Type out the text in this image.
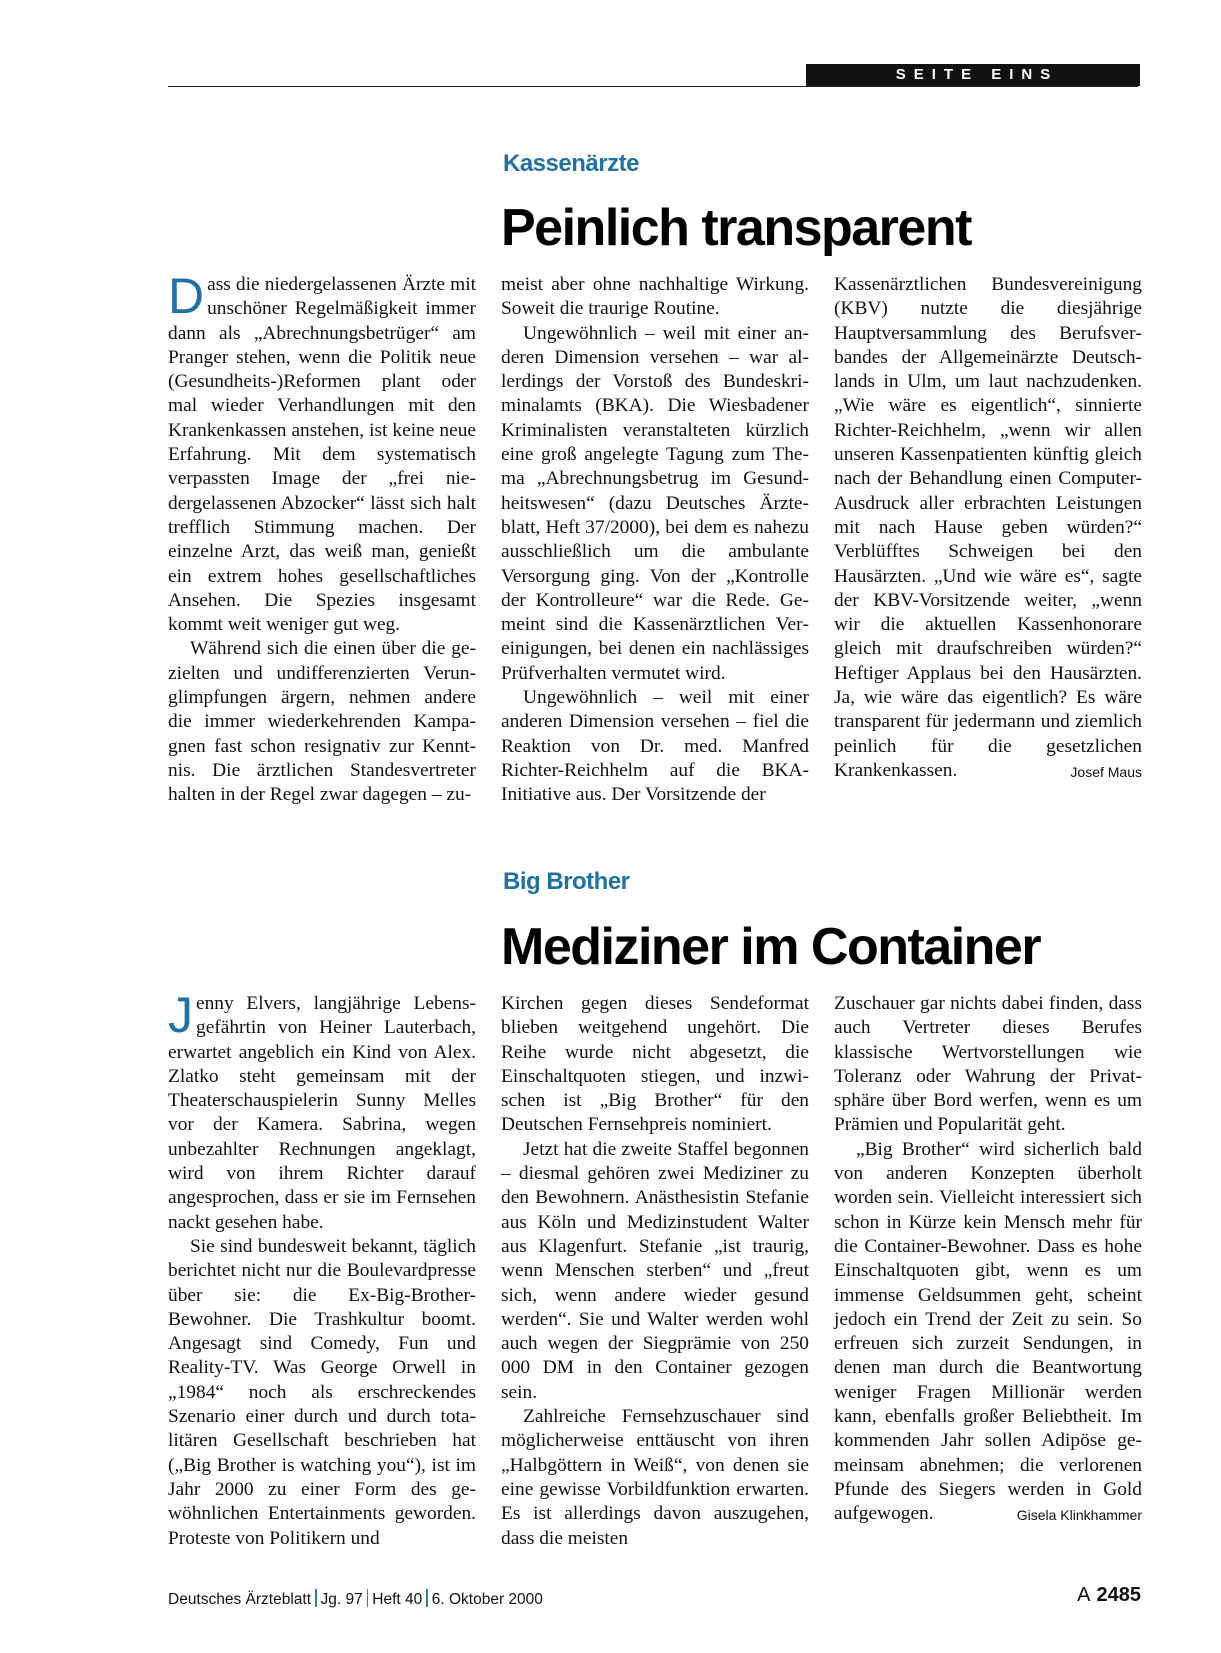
SEITE EINS
Kassenärzte
Peinlich transparent

Dass die niedergelassenen Ärzte mit unschöner Regelmäßigkeit immer dann als „Abrechnungsbetrüger“ am Pranger stehen, wenn die Politik neue (Gesundheits-)Reformen plant oder mal wieder Verhandlungen mit den Krankenkassen anstehen, ist keine neue Erfahrung. Mit dem systematisch verpassten Image der „frei niedergelassenen Abzocker“ lässt sich halt trefflich Stimmung machen. Der einzelne Arzt, das weiß man, genießt ein extrem hohes gesellschaftliches Ansehen. Die Spezies insgesamt kommt weit weniger gut weg.

Während sich die einen über die gezielten und undifferenzierten Verunglimpfungen ärgern, nehmen andere die immer wiederkehrenden Kampagnen fast schon resignativ zur Kenntnis. Die ärztlichen Standesvertreter halten in der Regel zwar dagegen – zu-

meist aber ohne nachhaltige Wirkung. Soweit die traurige Routine.

Ungewöhnlich – weil mit einer anderen Dimension versehen – war allerdings der Vorstoß des Bundeskriminalamts (BKA). Die Wiesbadener Kriminalisten veranstalteten kürzlich eine groß angelegte Tagung zum Thema „Abrechnungsbetrug im Gesundheitswesen“ (dazu Deutsches Ärzteblatt, Heft 37/2000), bei dem es nahezu ausschließlich um die ambulante Versorgung ging. Von der „Kontrolle der Kontrolleure“ war die Rede. Gemeint sind die Kassenärztlichen Vereinigungen, bei denen ein nachlässiges Prüfverhalten vermutet wird.

Ungewöhnlich – weil mit einer anderen Dimension versehen – fiel die Reaktion von Dr. med. Manfred Richter-Reichhelm auf die BKA-Initiative aus. Der Vorsitzende der

Kassenärztlichen Bundesvereinigung (KBV) nutzte die diesjährige Hauptversammlung des Berufsverbandes der Allgemeinärzte Deutschlands in Ulm, um laut nachzudenken. „Wie wäre es eigentlich“, sinnierte Richter-Reichhelm, „wenn wir allen unseren Kassenpatienten künftig gleich nach der Behandlung einen Computer-Ausdruck aller erbrachten Leistungen mit nach Hause geben würden?“ Verblüfftes Schweigen bei den Hausärzten. „Und wie wäre es“, sagte der KBV-Vorsitzende weiter, „wenn wir die aktuellen Kassenhonorare gleich mit draufschreiben würden?“ Heftiger Applaus bei den Hausärzten. Ja, wie wäre das eigentlich? Es wäre transparent für jedermann und ziemlich peinlich für die gesetzlichen Krankenkassen.	Josef Maus

Big Brother
Mediziner im Container

Jenny Elvers, langjährige Lebensgefährtin von Heiner Lauterbach, erwartet angeblich ein Kind von Alex. Zlatko steht gemeinsam mit der Theaterschauspielerin Sunny Melles vor der Kamera. Sabrina, wegen unbezahlter Rechnungen angeklagt, wird von ihrem Richter darauf angesprochen, dass er sie im Fernsehen nackt gesehen habe.

Sie sind bundesweit bekannt, täglich berichtet nicht nur die Boulevardpresse über sie: die Ex-Big-Brother-Bewohner. Die Trashkultur boomt. Angesagt sind Comedy, Fun und Reality-TV. Was George Orwell in „1984“ noch als erschreckendes Szenario einer durch und durch totalitären Gesellschaft beschrieben hat („Big Brother is watching you“), ist im Jahr 2000 zu einer Form des gewöhnlichen Entertainments geworden. Proteste von Politikern und

Kirchen gegen dieses Sendeformat blieben weitgehend ungehört. Die Reihe wurde nicht abgesetzt, die Einschaltquoten stiegen, und inzwischen ist „Big Brother“ für den Deutschen Fernsehpreis nominiert.

Jetzt hat die zweite Staffel begonnen – diesmal gehören zwei Mediziner zu den Bewohnern. Anästhesistin Stefanie aus Köln und Medizinstudent Walter aus Klagenfurt. Stefanie „ist traurig, wenn Menschen sterben“ und „freut sich, wenn andere wieder gesund werden“. Sie und Walter werden wohl auch wegen der Siegprämie von 250 000 DM in den Container gezogen sein.

Zahlreiche Fernsehzuschauer sind möglicherweise enttäuscht von ihren „Halbgöttern in Weiß“, von denen sie eine gewisse Vorbildfunktion erwarten. Es ist allerdings davon auszugehen, dass die meisten

Zuschauer gar nichts dabei finden, dass auch Vertreter dieses Berufes klassische Wertvorstellungen wie Toleranz oder Wahrung der Privatsphäre über Bord werfen, wenn es um Prämien und Popularität geht.

„Big Brother“ wird sicherlich bald von anderen Konzepten überholt worden sein. Vielleicht interessiert sich schon in Kürze kein Mensch mehr für die Container-Bewohner. Dass es hohe Einschaltquoten gibt, wenn es um immense Geldsummen geht, scheint jedoch ein Trend der Zeit zu sein. So erfreuen sich zurzeit Sendungen, in denen man durch die Beantwortung weniger Fragen Millionär werden kann, ebenfalls großer Beliebtheit. Im kommenden Jahr sollen Adipöse gemeinsam abnehmen; die verlorenen Pfunde des Siegers werden in Gold aufgewogen.	Gisela Klinkhammer

Deutsches Ärzteblatt Jg. 97 Heft 40 6. Oktober 2000	A 2485
